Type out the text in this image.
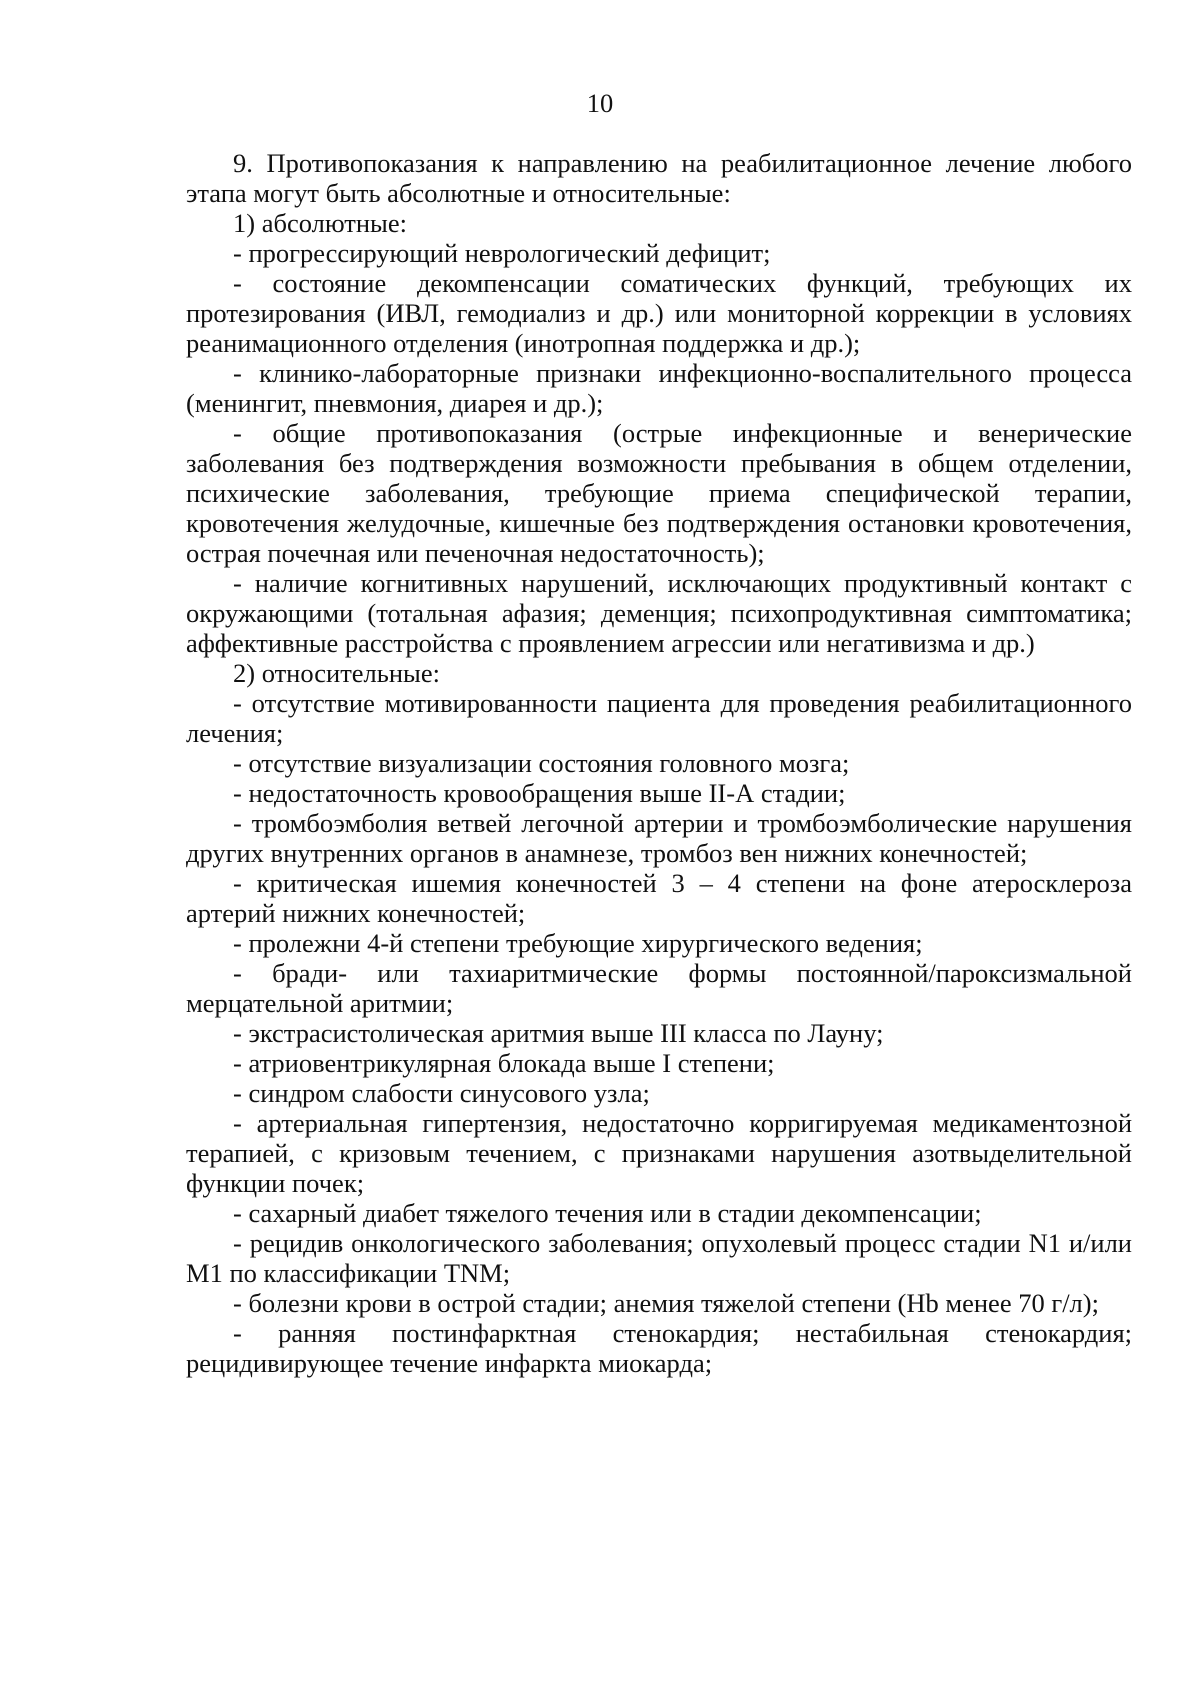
10

9. Противопоказания к направлению на реабилитационное лечение любого этапа могут быть абсолютные и относительные:

1) абсолютные:

- прогрессирующий неврологический дефицит;

- состояние декомпенсации соматических функций, требующих их протезирования (ИВЛ, гемодиализ и др.) или мониторной коррекции в условиях реанимационного отделения (инотропная поддержка и др.);

- клинико-лабораторные признаки инфекционно-воспалительного процесса (менингит, пневмония, диарея и др.);

- общие противопоказания (острые инфекционные и венерические заболевания без подтверждения возможности пребывания в общем отделении, психические заболевания, требующие приема специфической терапии, кровотечения желудочные, кишечные без подтверждения остановки кровотечения, острая почечная или печеночная недостаточность);

- наличие когнитивных нарушений, исключающих продуктивный контакт с окружающими (тотальная афазия; деменция; психопродуктивная симптоматика; аффективные расстройства с проявлением агрессии или негативизма и др.)

2) относительные:

- отсутствие мотивированности пациента для проведения реабилитационного лечения;

- отсутствие визуализации состояния головного мозга;

- недостаточность кровообращения выше II-А стадии;

- тромбоэмболия ветвей легочной артерии и тромбоэмболические нарушения других внутренних органов в анамнезе, тромбоз вен нижних конечностей;

- критическая ишемия конечностей 3 – 4 степени на фоне атеросклероза артерий нижних конечностей;

- пролежни 4-й степени требующие хирургического ведения;

- бради- или тахиаритмические формы постоянной/пароксизмальной мерцательной аритмии;

- экстрасистолическая аритмия выше III класса по Лауну;

- атриовентрикулярная блокада выше I степени;

- синдром слабости синусового узла;

- артериальная гипертензия, недостаточно корригируемая медикаментозной терапией, с кризовым течением, с признаками нарушения азотвыделительной функции почек;

- сахарный диабет тяжелого течения или в стадии декомпенсации;

- рецидив онкологического заболевания; опухолевый процесс стадии N1 и/или M1 по классификации TNM;

- болезни крови в острой стадии; анемия тяжелой степени (Hb менее 70 г/л);

- ранняя постинфарктная стенокардия; нестабильная стенокардия; рецидивирующее течение инфаркта миокарда;
